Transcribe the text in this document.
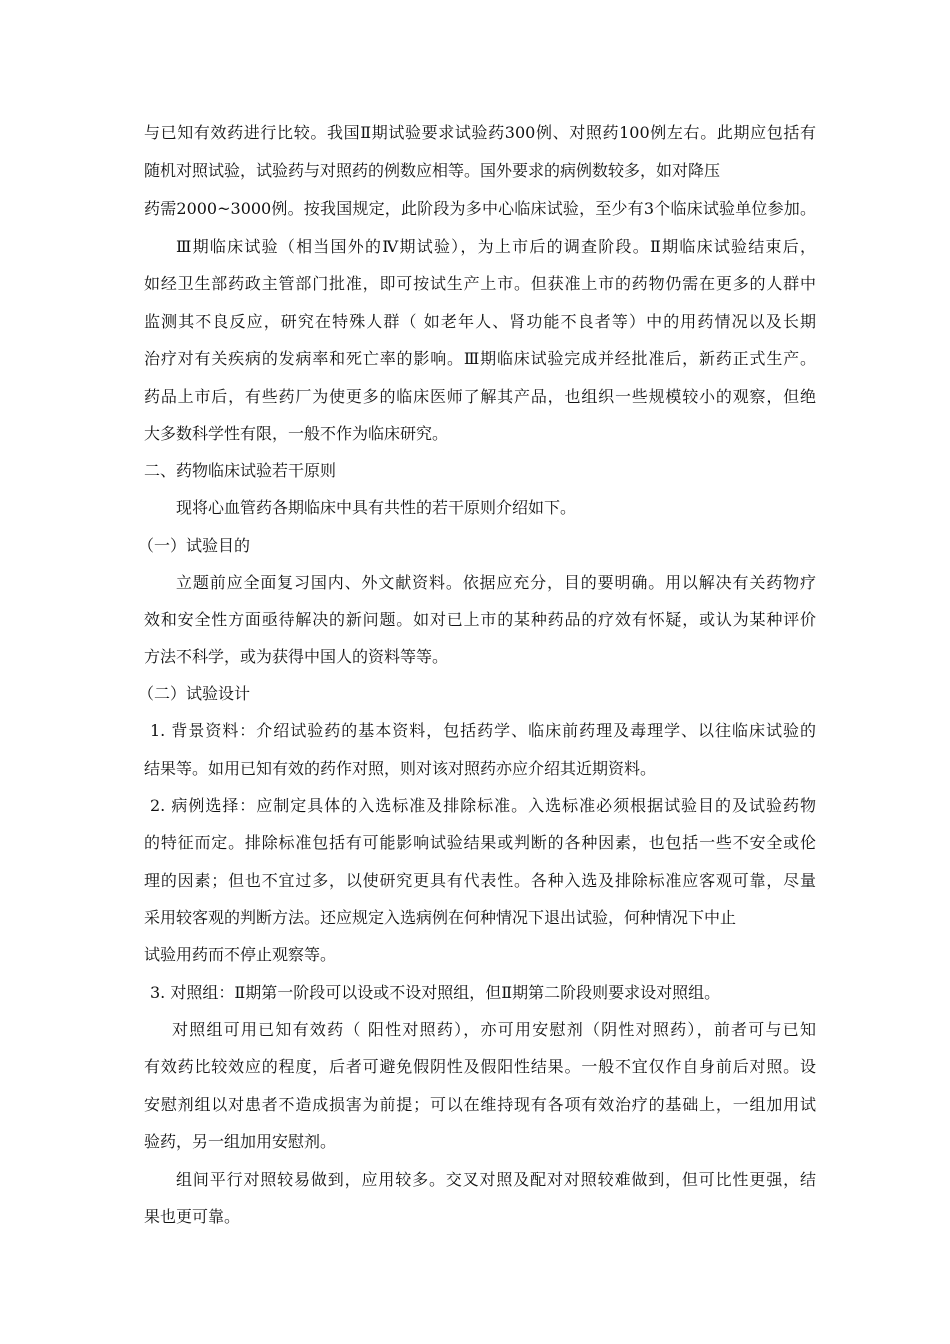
与已知有效药进行比较。我国Ⅱ期试验要求试验药300例、对照药100例左右。此期应包括有
随机对照试验，试验药与对照药的例数应相等。国外要求的病例数较多，如对降压
药需2000~3000例。按我国规定，此阶段为多中心临床试验，至少有3个临床试验单位参加。
Ⅲ期临床试验（相当国外的Ⅳ期试验），为上市后的调查阶段。Ⅱ期临床试验结束后，
如经卫生部药政主管部门批准，即可按试生产上市。但获准上市的药物仍需在更多的人群中
监测其不良反应，研究在特殊人群（ 如老年人、肾功能不良者等）中的用药情况以及长期
治疗对有关疾病的发病率和死亡率的影响。Ⅲ期临床试验完成并经批准后，新药正式生产。
药品上市后，有些药厂为使更多的临床医师了解其产品，也组织一些规模较小的观察，但绝
大多数科学性有限，一般不作为临床研究。
二、药物临床试验若干原则
现将心血管药各期临床中具有共性的若干原则介绍如下。
（一）试验目的
立题前应全面复习国内、外文献资料。依据应充分，目的要明确。用以解决有关药物疗
效和安全性方面亟待解决的新问题。如对已上市的某种药品的疗效有怀疑，或认为某种评价
方法不科学，或为获得中国人的资料等等。
（二）试验设计
1. 背景资料：介绍试验药的基本资料，包括药学、临床前药理及毒理学、以往临床试验的
结果等。如用已知有效的药作对照，则对该对照药亦应介绍其近期资料。
2. 病例选择：应制定具体的入选标准及排除标准。入选标准必须根据试验目的及试验药物
的特征而定。排除标准包括有可能影响试验结果或判断的各种因素，也包括一些不安全或伦
理的因素；但也不宜过多，以使研究更具有代表性。各种入选及排除标准应客观可靠，尽量
采用较客观的判断方法。还应规定入选病例在何种情况下退出试验，何种情况下中止
试验用药而不停止观察等。
3. 对照组：Ⅱ期第一阶段可以设或不设对照组，但Ⅱ期第二阶段则要求设对照组。
对照组可用已知有效药（ 阳性对照药），亦可用安慰剂（阴性对照药），前者可与已知
有效药比较效应的程度，后者可避免假阴性及假阳性结果。一般不宜仅作自身前后对照。设
安慰剂组以对患者不造成损害为前提；可以在维持现有各项有效治疗的基础上，一组加用试
验药，另一组加用安慰剂。
组间平行对照较易做到，应用较多。交叉对照及配对对照较难做到，但可比性更强，结
果也更可靠。
